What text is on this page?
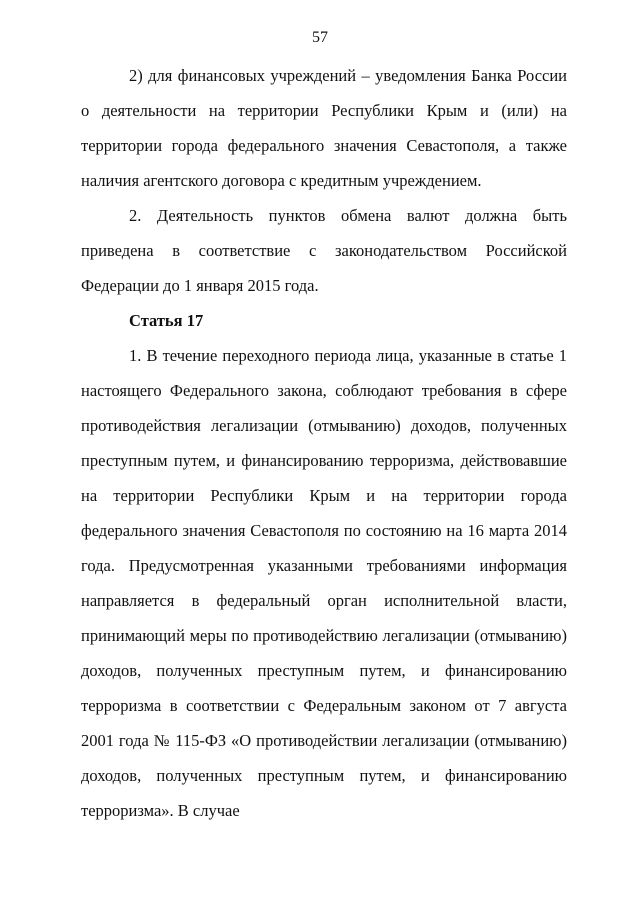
57

2) для финансовых учреждений – уведомления Банка России о деятельности на территории Республики Крым и (или) на территории города федерального значения Севастополя, а также наличия агентского договора с кредитным учреждением.

2. Деятельность пунктов обмена валют должна быть приведена в соответствие с законодательством Российской Федерации до 1 января 2015 года.

Статья 17

1. В течение переходного периода лица, указанные в статье 1 настоящего Федерального закона, соблюдают требования в сфере противодействия легализации (отмыванию) доходов, полученных преступным путем, и финансированию терроризма, действовавшие на территории Республики Крым и на территории города федерального значения Севастополя по состоянию на 16 марта 2014 года. Предусмотренная указанными требованиями информация направляется в федеральный орган исполнительной власти, принимающий меры по противодействию легализации (отмыванию) доходов, полученных преступным путем, и финансированию терроризма в соответствии с Федеральным законом от 7 августа 2001 года № 115-ФЗ «О противодействии легализации (отмыванию) доходов, полученных преступным путем, и финансированию терроризма». В случае
